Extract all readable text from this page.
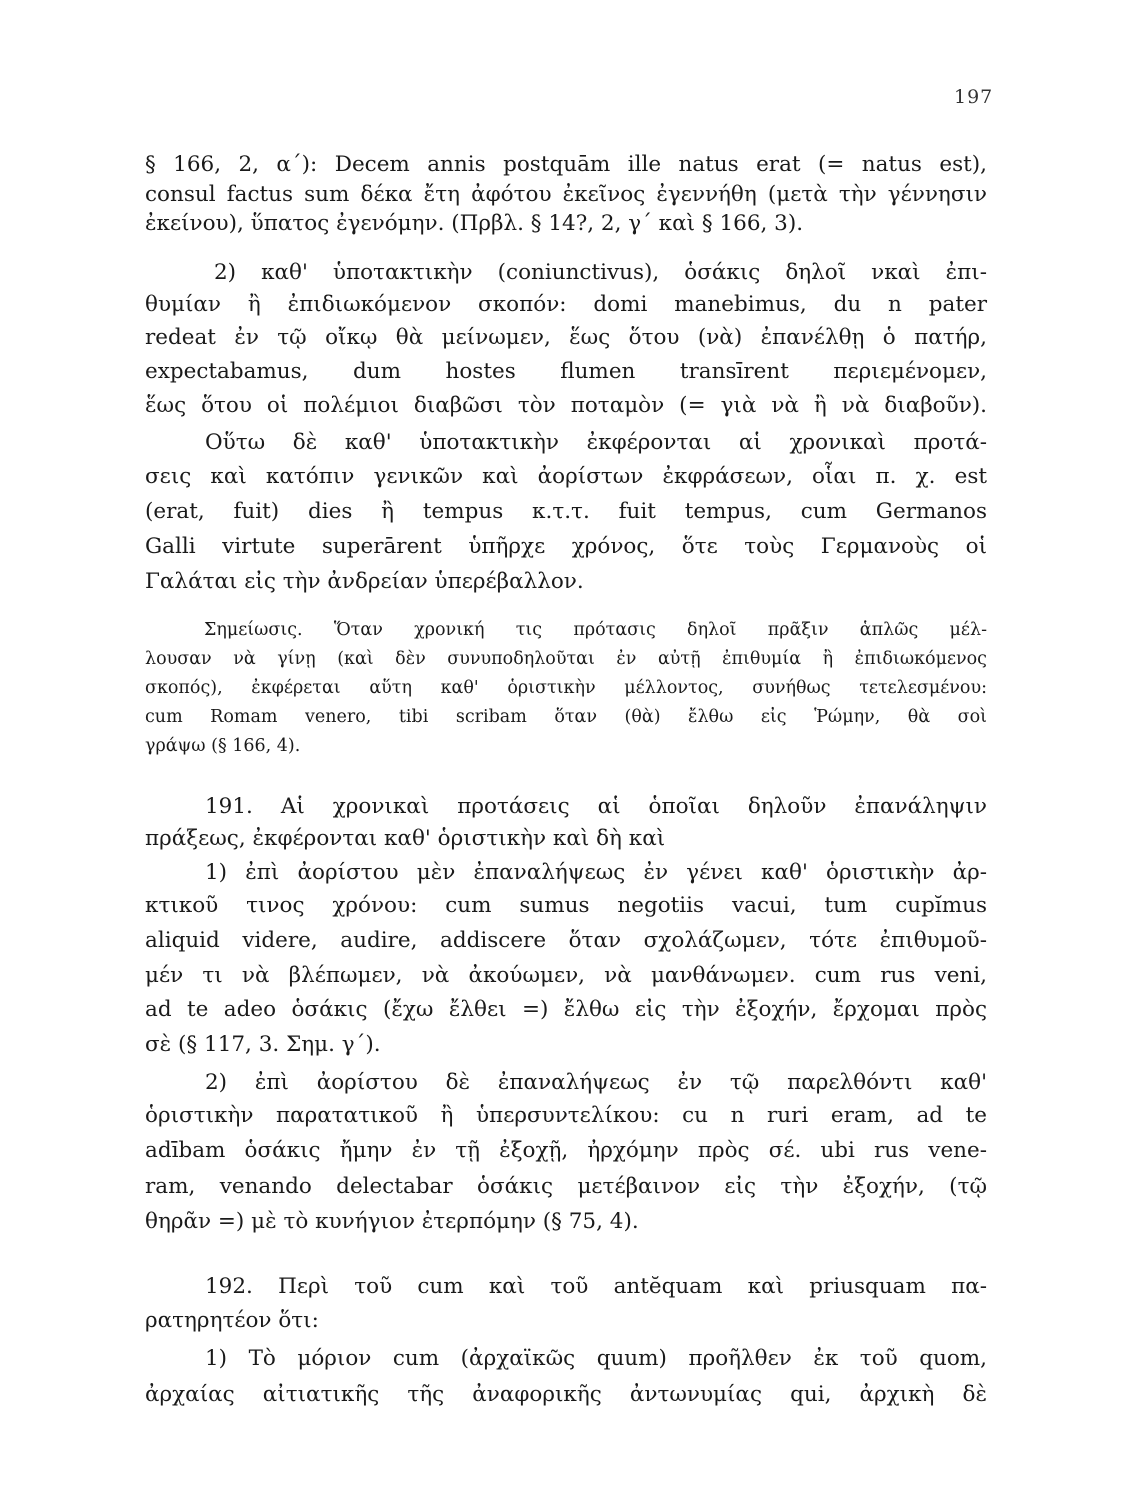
197
§ 166, 2, α΄): Decem annis postquām ille natus erat (= natus est),
consul factus sum δέκα ἔτη ἀφότου ἐκεῖνος ἐγεννήθη (μετὰ τὴν γέννησιν
ἐκείνου), ὕπατος ἐγενόμην. (Πρβλ. § 14?, 2, γ΄ καὶ § 166, 3).
2) καθ' ὑποτακτικὴν (coniunctivus), ὁσάκις δηλοῖ νκαὶ ἐπι-
θυμίαν ἢ ἐπιδιωκόμενον σκοπόν: domi manebimus, du n pater
redeat ἐν τῷ οἴκῳ θὰ μείνωμεν, ἕως ὅτου (νὰ) ἐπανέλθῃ ὁ πατήρ,
expectabamus, dum hostes flumen transīrent περιεμένομεν,
ἕως ὅτου οἱ πολέμιοι διαβῶσι τὸν ποταμὸν (= γιὰ νὰ ἢ νὰ διαβοῦν).
Οὕτω δὲ καθ' ὑποτακτικὴν ἐκφέρονται αἱ χρονικαὶ προτά-
σεις καὶ κατόπιν γενικῶν καὶ ἀορίστων ἐκφράσεων, οἷαι π. χ. est
(erat, fuit) dies ἢ tempus κ.τ.τ. fuit tempus, cum Germanos
Galli virtute superārent ὑπῆρχε χρόνος, ὅτε τοὺς Γερμανοὺς οἱ
Γαλάται εἰς τὴν ἀνδρείαν ὑπερέβαλλον.
Σημείωσις. Ὅταν χρονική τις πρότασις δηλοῖ πρᾶξιν ἁπλῶς μέλ-
λουσαν νὰ γίνῃ (καὶ δὲν συνυποδηλοῦται ἐν αὐτῇ ἐπιθυμία ἢ ἐπιδιωκόμενος
σκοπός), ἐκφέρεται αὕτη καθ' ὁριστικὴν μέλλοντος, συνήθως τετελεσμένου:
cum Romam venero, tibi scribam ὅταν (θὰ) ἔλθω εἰς Ῥώμην, θὰ σοὶ
γράψω (§ 166, 4).
191. Αἱ χρονικαὶ προτάσεις αἱ ὁποῖαι δηλοῦν ἐπανάληψιν
πράξεως, ἐκφέρονται καθ' ὁριστικὴν καὶ δὴ καὶ
1) ἐπὶ ἀορίστου μὲν ἐπαναλήψεως ἐν γένει καθ' ὁριστικὴν ἀρ-
κτικοῦ τινος χρόνου: cum sumus negotiis vacui, tum cupĭmus
aliquid videre, audire, addiscere ὅταν σχολάζωμεν, τότε ἐπιθυμοῦ-
μέν τι νὰ βλέπωμεν, νὰ ἀκούωμεν, νὰ μανθάνωμεν. cum rus veni,
ad te adeo ὁσάκις (ἔχω ἔλθει =) ἔλθω εἰς τὴν ἐξοχήν, ἔρχομαι πρὸς
σὲ (§ 117, 3. Σημ. γ΄).
2) ἐπὶ ἀορίστου δὲ ἐπαναλήψεως ἐν τῷ παρελθόντι καθ'
ὁριστικὴν παρατατικοῦ ἢ ὑπερσυντελίκου: cu n ruri eram, ad te
adībam ὁσάκις ἤμην ἐν τῇ ἐξοχῇ, ἠρχόμην πρὸς σέ. ubi rus vene-
ram, venando delectabar ὁσάκις μετέβαινον εἰς τὴν ἐξοχήν, (τῷ
θηρᾶν =) μὲ τὸ κυνήγιον ἐτερπόμην (§ 75, 4).
192. Περὶ τοῦ cum καὶ τοῦ antĕquam καὶ priusquam πα-
ρατηρητέον ὅτι:
1) Τὸ μόριον cum (ἀρχαϊκῶς quum) προῆλθεν ἐκ τοῦ quom,
ἀρχαίας αἰτιατικῆς τῆς ἀναφορικῆς ἀντωνυμίας qui, ἀρχικὴ δὲ
